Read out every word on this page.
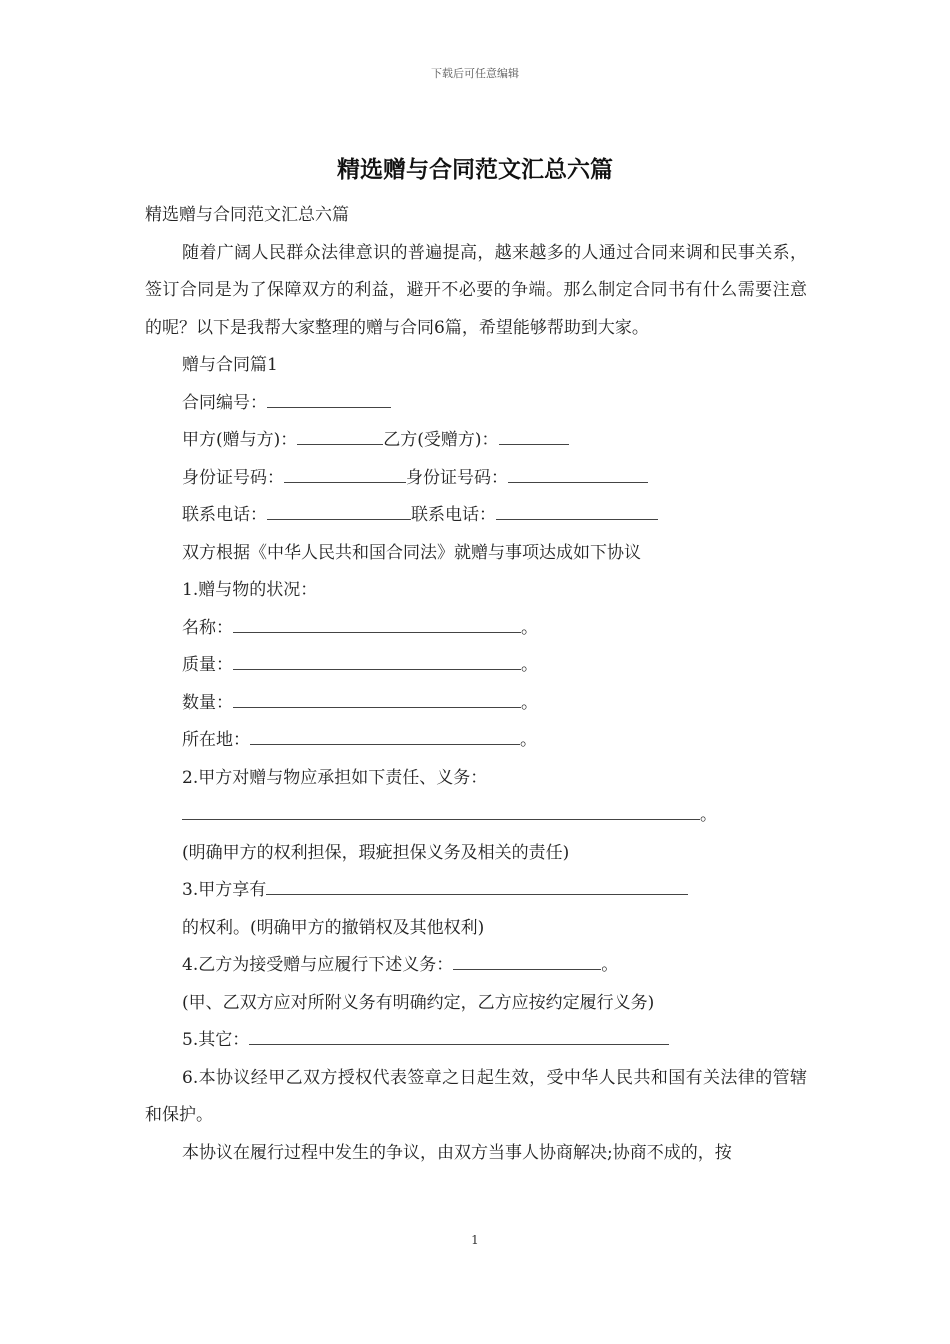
下载后可任意编辑
精选赠与合同范文汇总六篇

精选赠与合同范文汇总六篇

随着广阔人民群众法律意识的普遍提高，越来越多的人通过合同来调和民事关系，签订合同是为了保障双方的利益，避开不必要的争端。那么制定合同书有什么需要注意的呢？以下是我帮大家整理的赠与合同6篇，希望能够帮助到大家。

赠与合同篇1

合同编号：

甲方(赠与方)：	乙方(受赠方)：

身份证号码：	身份证号码：

联系电话：	联系电话：

双方根据《中华人民共和国合同法》就赠与事项达成如下协议

1.赠与物的状况：

名称：	。

质量：	。

数量：	。

所在地：	。

2.甲方对赠与物应承担如下责任、义务：

。

(明确甲方的权利担保，瑕疵担保义务及相关的责任)

3.甲方享有

的权利。(明确甲方的撤销权及其他权利)

4.乙方为接受赠与应履行下述义务：	。

(甲、乙双方应对所附义务有明确约定，乙方应按约定履行义务)

5.其它：

6.本协议经甲乙双方授权代表签章之日起生效，受中华人民共和国有关法律的管辖和保护。

本协议在履行过程中发生的争议，由双方当事人协商解决;协商不成的，按

1
